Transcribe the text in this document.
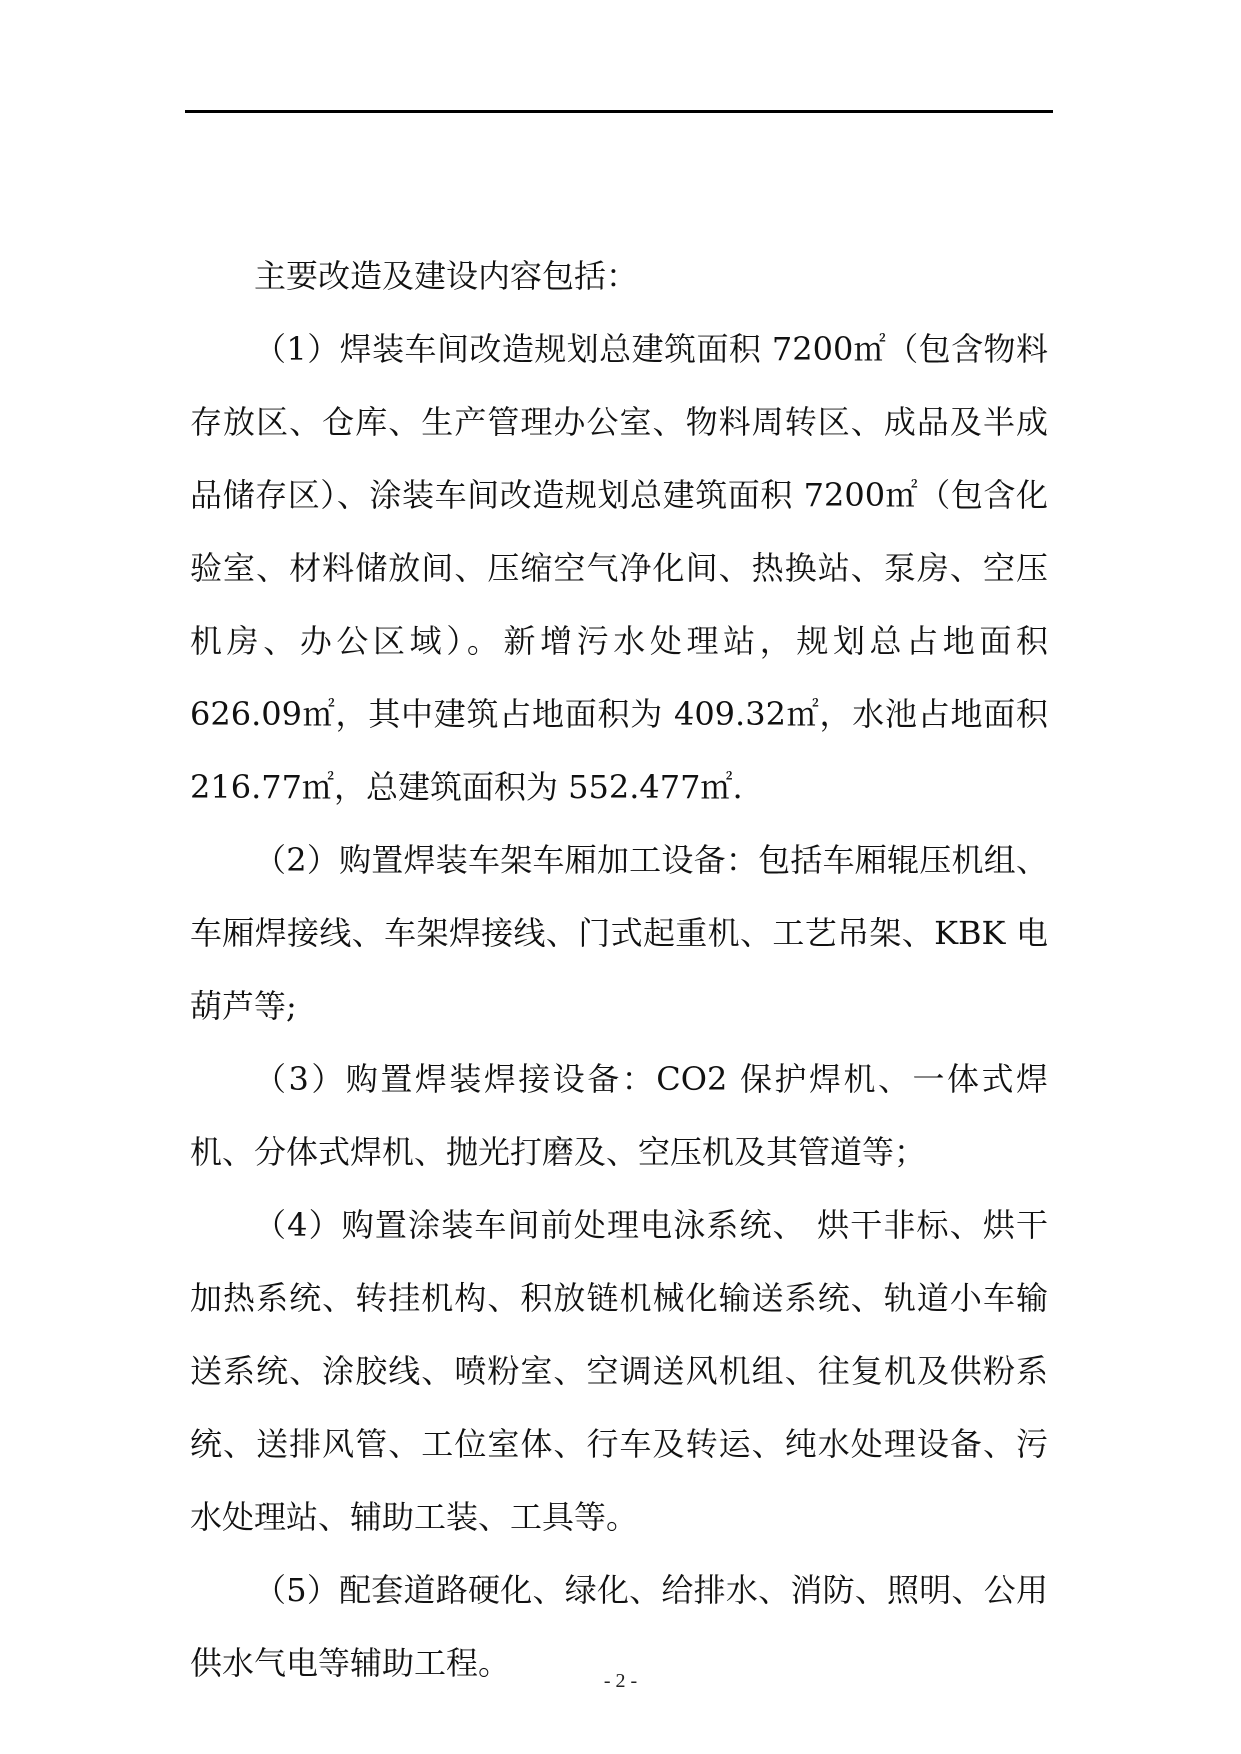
主要改造及建设内容包括：

（1）焊装车间改造规划总建筑面积 7200㎡（包含物料存放区、仓库、生产管理办公室、物料周转区、成品及半成品储存区）、涂装车间改造规划总建筑面积 7200㎡（包含化验室、材料储放间、压缩空气净化间、热换站、泵房、空压机房、办公区域）。新增污水处理站，规划总占地面积 626.09㎡，其中建筑占地面积为 409.32㎡，水池占地面积 216.77㎡，总建筑面积为 552.477㎡.

（2）购置焊装车架车厢加工设备：包括车厢辊压机组、车厢焊接线、车架焊接线、门式起重机、工艺吊架、KBK 电葫芦等;

（3）购置焊装焊接设备：CO2 保护焊机、一体式焊机、分体式焊机、抛光打磨及、空压机及其管道等；

（4）购置涂装车间前处理电泳系统、 烘干非标、烘干加热系统、转挂机构、积放链机械化输送系统、轨道小车输送系统、涂胶线、喷粉室、空调送风机组、往复机及供粉系统、送排风管、工位室体、行车及转运、纯水处理设备、污水处理站、辅助工装、工具等。

（5）配套道路硬化、绿化、给排水、消防、照明、公用供水气电等辅助工程。	- 2 -
